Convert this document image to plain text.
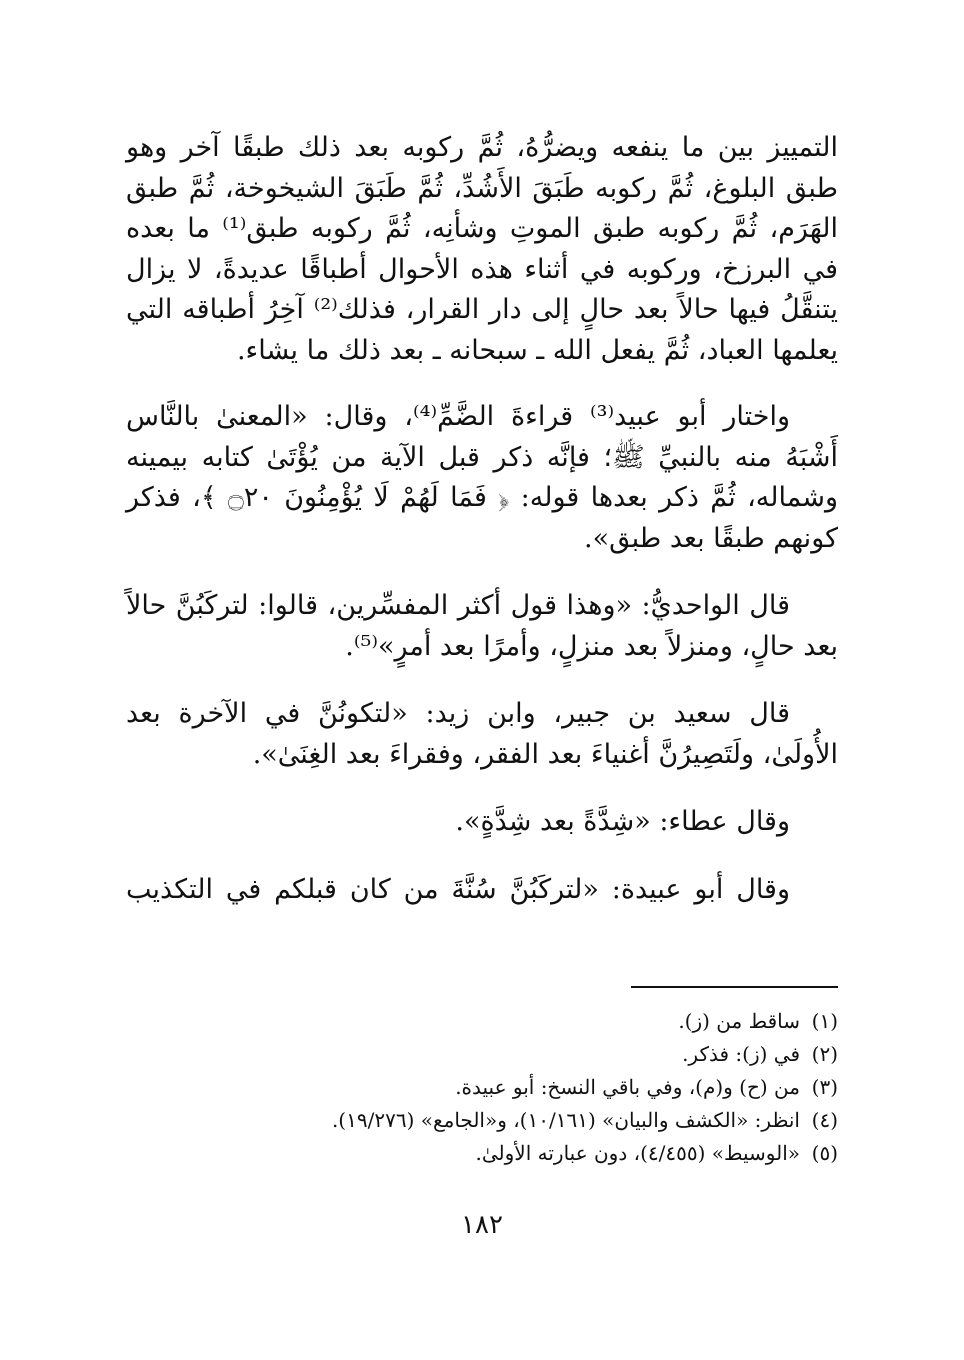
التمييز بين ما ينفعه ويضرُّهُ، ثُمَّ ركوبه بعد ذلك طبقًا آخر وهو طبق البلوغ، ثُمَّ ركوبه طَبَقَ الأَشُدِّ، ثُمَّ طَبَقَ الشيخوخة، ثُمَّ طبق الهَرَم، ثُمَّ ركوبه طبق الموتِ وشأنِه، ثُمَّ ركوبه طبق⁽¹⁾ ما بعده في البرزخ، وركوبه في أثناء هذه الأحوال أطباقًا عديدةً، لا يزال يتنقَّلُ فيها حالاً بعد حالٍ إلى دار القرار، فذلك⁽²⁾ آخِرُ أطباقه التي يعلمها العباد، ثُمَّ يفعل الله ـ سبحانه ـ بعد ذلك ما يشاء.

واختار أبو عبيد⁽³⁾ قراءةَ الضَّمِّ⁽⁴⁾، وقال: «المعنىٰ بالنَّاس أَشْبَهُ منه بالنبيِّ ﷺ؛ فإنَّه ذكر قبل الآية من يُؤْتَىٰ كتابه بيمينه وشماله، ثُمَّ ذكر بعدها قوله: ﴿ فَمَا لَهُمْ لَا يُؤْمِنُونَ ۝٢٠ ﴾، فذكر كونهم طبقًا بعد طبق».

قال الواحديُّ: «وهذا قول أكثر المفسِّرين، قالوا: لتركَبُنَّ حالاً بعد حالٍ، ومنزلاً بعد منزلٍ، وأمرًا بعد أمرٍ»⁽⁵⁾.

قال سعيد بن جبير، وابن زيد: «لتكونُنَّ في الآخرة بعد الأُولَىٰ، ولَتَصِيرُنَّ أغنياءَ بعد الفقر، وفقراءَ بعد الغِنَىٰ».

وقال عطاء: «شِدَّةً بعد شِدَّةٍ».

وقال أبو عبيدة: «لتركَبُنَّ سُنَّةَ من كان قبلكم في التكذيب

(١)
ساقط من (ز).
(٢)
في (ز): فذكر.
(٣)
من (ح) و(م)، وفي باقي النسخ: أبو عبيدة.
(٤)
انظر: «الكشف والبيان» (١٠/١٦١)، و«الجامع» (١٩/٢٧٦).
(٥)
«الوسيط» (٤/٤٥٥)، دون عبارته الأولىٰ.
١٨٢
